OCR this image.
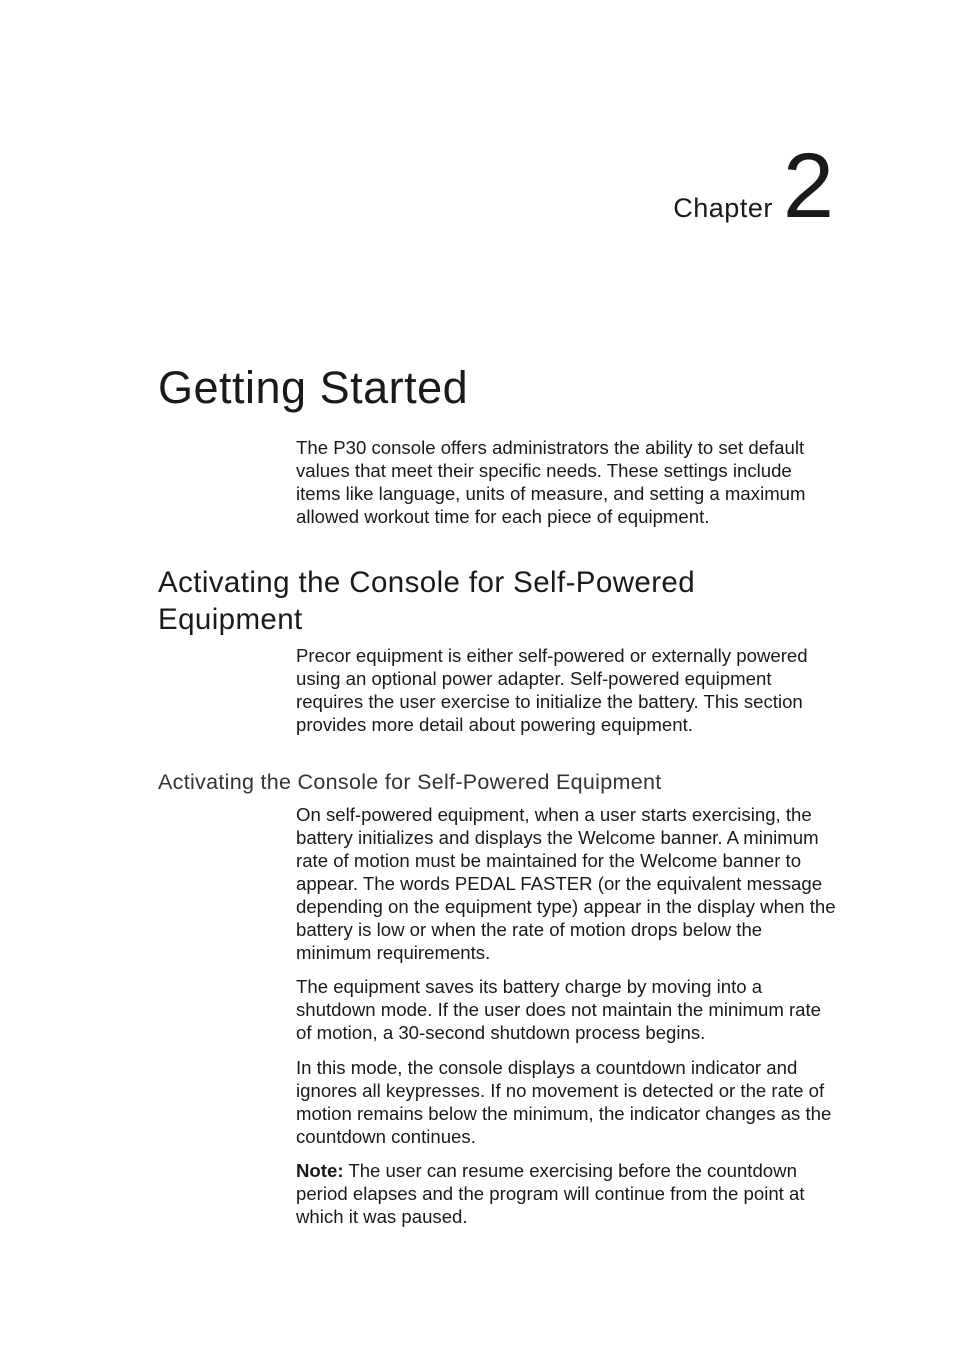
Chapter 2
Getting Started

The P30 console offers administrators the ability to set default values that meet their specific needs. These settings include items like language, units of measure, and setting a maximum allowed workout time for each piece of equipment.

Activating the Console for Self-Powered Equipment

Precor equipment is either self-powered or externally powered using an optional power adapter. Self-powered equipment requires the user exercise to initialize the battery. This section provides more detail about powering equipment.

Activating the Console for Self-Powered Equipment

On self-powered equipment, when a user starts exercising, the battery initializes and displays the Welcome banner. A minimum rate of motion must be maintained for the Welcome banner to appear. The words PEDAL FASTER (or the equivalent message depending on the equipment type) appear in the display when the battery is low or when the rate of motion drops below the minimum requirements.

The equipment saves its battery charge by moving into a shutdown mode. If the user does not maintain the minimum rate of motion, a 30-second shutdown process begins.

In this mode, the console displays a countdown indicator and ignores all keypresses. If no movement is detected or the rate of motion remains below the minimum, the indicator changes as the countdown continues.

Note: The user can resume exercising before the countdown period elapses and the program will continue from the point at which it was paused.
